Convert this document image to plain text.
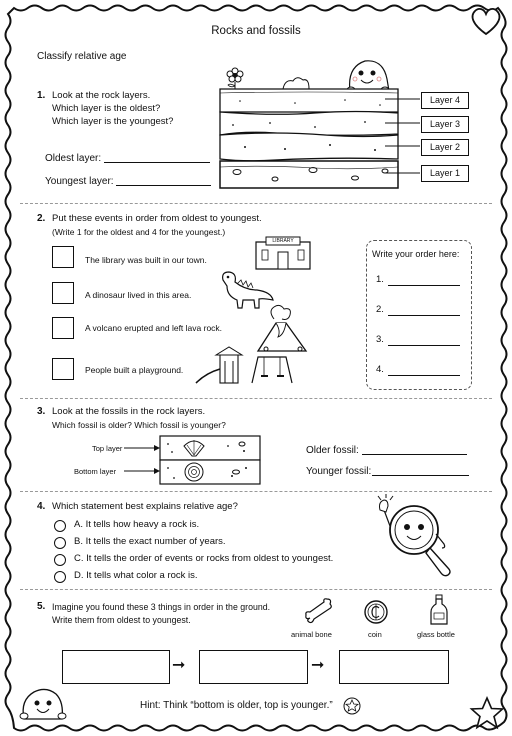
Rocks and fossils
Classify relative age
1. Look at the rock layers.
Which layer is the oldest?
Which layer is the youngest?
Oldest layer:
Youngest layer:
Layer 4
Layer 3
Layer 2
Layer 1
2. Put these events in order from oldest to youngest.
(Write 1 for the oldest and 4 for the youngest.)
The library was built in our town.
A dinosaur lived in this area.
A volcano erupted and left lava rock.
People built a playground.
LIBRARY
Write your order here:
1.
2.
3.
4.
3. Look at the fossils in the rock layers.
Which fossil is older? Which fossil is younger?
Top layer
Bottom layer
Older fossil:
Younger fossil:
4. Which statement best explains relative age?
A. It tells how heavy a rock is.
B. It tells the exact number of years.
C. It tells the order of events or rocks from oldest to youngest.
D. It tells what color a rock is.
5. Imagine you found these 3 things in order in the ground.
Write them from oldest to youngest.
animal bone	coin	glass bottle
➞	➞
Hint: Think “bottom is older, top is younger.”
